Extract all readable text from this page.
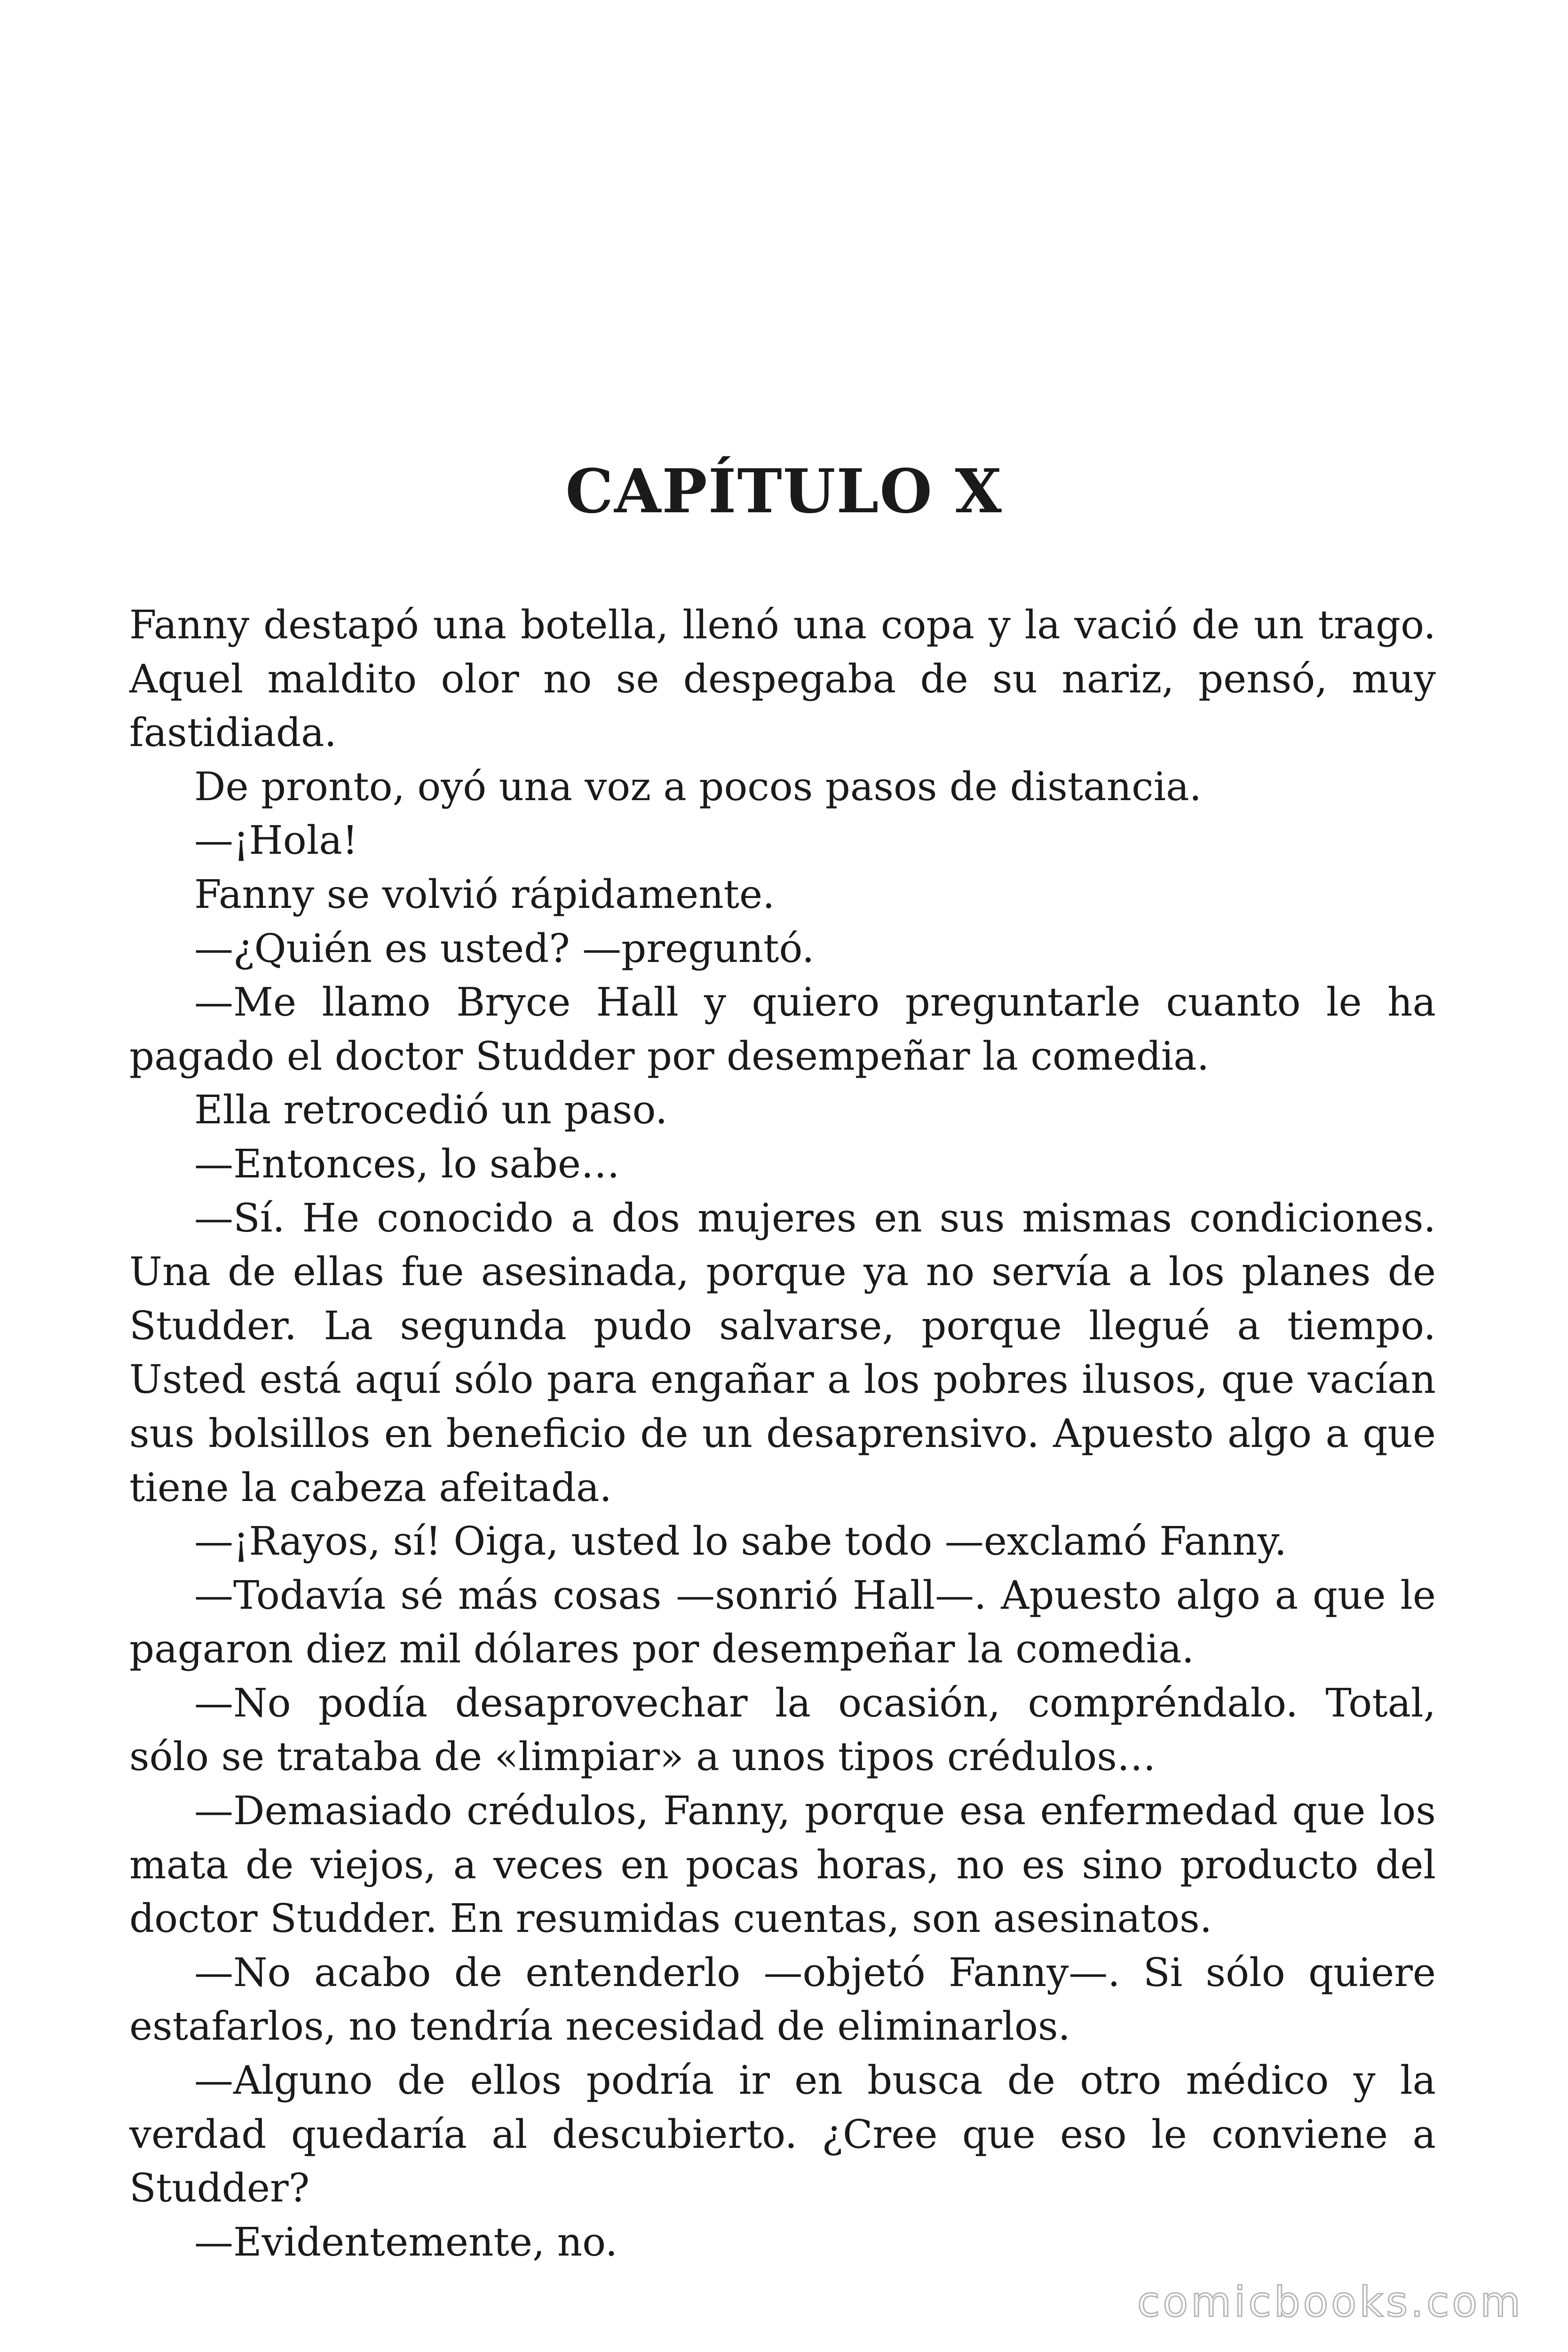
CAPÍTULO X

Fanny destapó una botella, llenó una copa y la vació de un trago. Aquel maldito olor no se despegaba de su nariz, pensó, muy fastidiada.

De pronto, oyó una voz a pocos pasos de distancia.

—¡Hola!

Fanny se volvió rápidamente.

—¿Quién es usted? —preguntó.

—Me llamo Bryce Hall y quiero preguntarle cuanto le ha pagado el doctor Studder por desempeñar la comedia.

Ella retrocedió un paso.

—Entonces, lo sabe…

—Sí. He conocido a dos mujeres en sus mismas condiciones. Una de ellas fue asesinada, porque ya no servía a los planes de Studder. La segunda pudo salvarse, porque llegué a tiempo. Usted está aquí sólo para engañar a los pobres ilusos, que vacían sus bolsillos en beneficio de un desaprensivo. Apuesto algo a que tiene la cabeza afeitada.

—¡Rayos, sí! Oiga, usted lo sabe todo —exclamó Fanny.

—Todavía sé más cosas —sonrió Hall—. Apuesto algo a que le pagaron diez mil dólares por desempeñar la comedia.

—No podía desaprovechar la ocasión, compréndalo. Total, sólo se trataba de «limpiar» a unos tipos crédulos…

—Demasiado crédulos, Fanny, porque esa enfermedad que los mata de viejos, a veces en pocas horas, no es sino producto del doctor Studder. En resumidas cuentas, son asesinatos.

—No acabo de entenderlo —objetó Fanny—. Si sólo quiere estafarlos, no tendría necesidad de eliminarlos.

—Alguno de ellos podría ir en busca de otro médico y la verdad quedaría al descubierto. ¿Cree que eso le conviene a Studder?

—Evidentemente, no.

comicbooks.com
